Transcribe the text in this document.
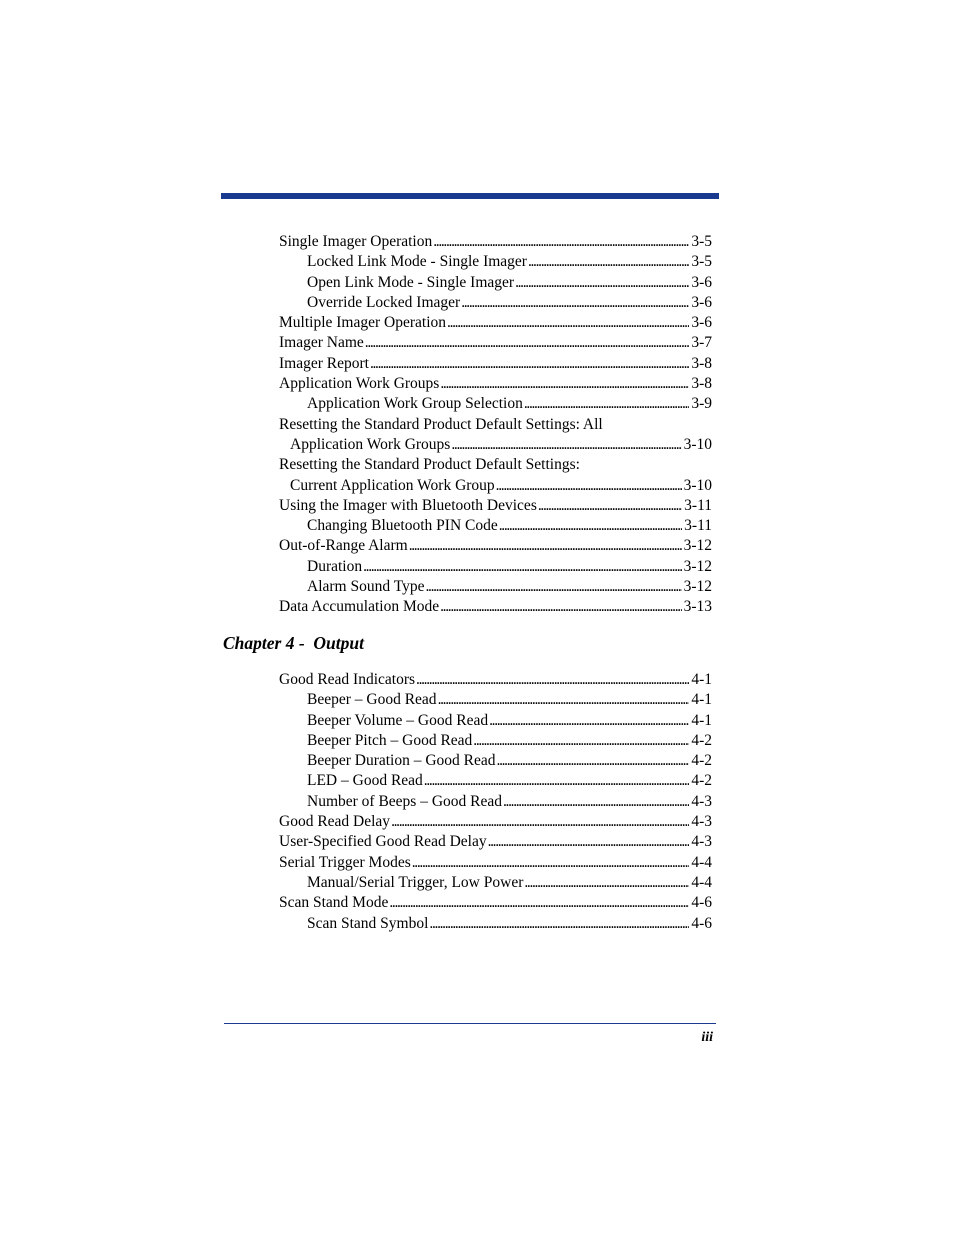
Single Imager Operation . . .	3-5
Locked Link Mode - Single Imager . . .	3-5
Open Link Mode - Single Imager . . .	3-6
Override Locked Imager . . .	3-6
Multiple Imager Operation . . .	3-6
Imager Name . . .	3-7
Imager Report . . .	3-8
Application Work Groups . . .	3-8
Application Work Group Selection . . .	3-9
Resetting the Standard Product Default Settings: All
Application Work Groups . . .	3-10
Resetting the Standard Product Default Settings:
Current Application Work Group . . .	3-10
Using the Imager with Bluetooth Devices . . .	3-11
Changing Bluetooth PIN Code . . .	3-11
Out-of-Range Alarm . . .	3-12
Duration . . .	3-12
Alarm Sound Type . . .	3-12
Data Accumulation Mode . . .	3-13
Chapter 4 -  Output
Good Read Indicators . . .	4-1
Beeper – Good Read . . .	4-1
Beeper Volume – Good Read . . .	4-1
Beeper Pitch – Good Read . . .	4-2
Beeper Duration – Good Read . . .	4-2
LED – Good Read . . .	4-2
Number of Beeps – Good Read . . .	4-3
Good Read Delay . . .	4-3
User-Specified Good Read Delay . . .	4-3
Serial Trigger Modes . . .	4-4
Manual/Serial Trigger, Low Power . . .	4-4
Scan Stand Mode . . .	4-6
Scan Stand Symbol . . .	4-6
iii
